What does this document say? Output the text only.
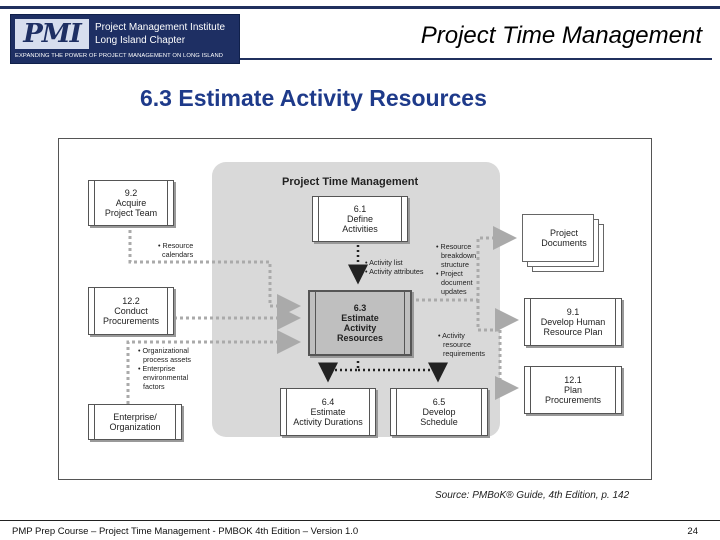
PMI	Project Management Institute
Long Island Chapter
EXPANDING THE POWER OF PROJECT MANAGEMENT ON LONG ISLAND
Project Time Management
6.3 Estimate Activity Resources
Project Time Management
9.2
Acquire
Project Team
12.2
Conduct
Procurements
Enterprise/
Organization
6.1
Define
Activities
6.3
Estimate
Activity
Resources
6.4
Estimate
Activity Durations
6.5
Develop
Schedule
9.1
Develop Human
Resource Plan
12.1
Plan
Procurements
Project
Documents
• Resource
calendars
• Activity list
• Activity attributes
• Organizational
process assets
• Enterprise
environmental
factors
• Resource
breakdown
structure
• Project
document
updates
• Activity
resource
requirements
Source: PMBoK® Guide, 4th Edition, p. 142
PMP Prep Course – Project Time Management - PMBOK 4th Edition – Version 1.0	24
